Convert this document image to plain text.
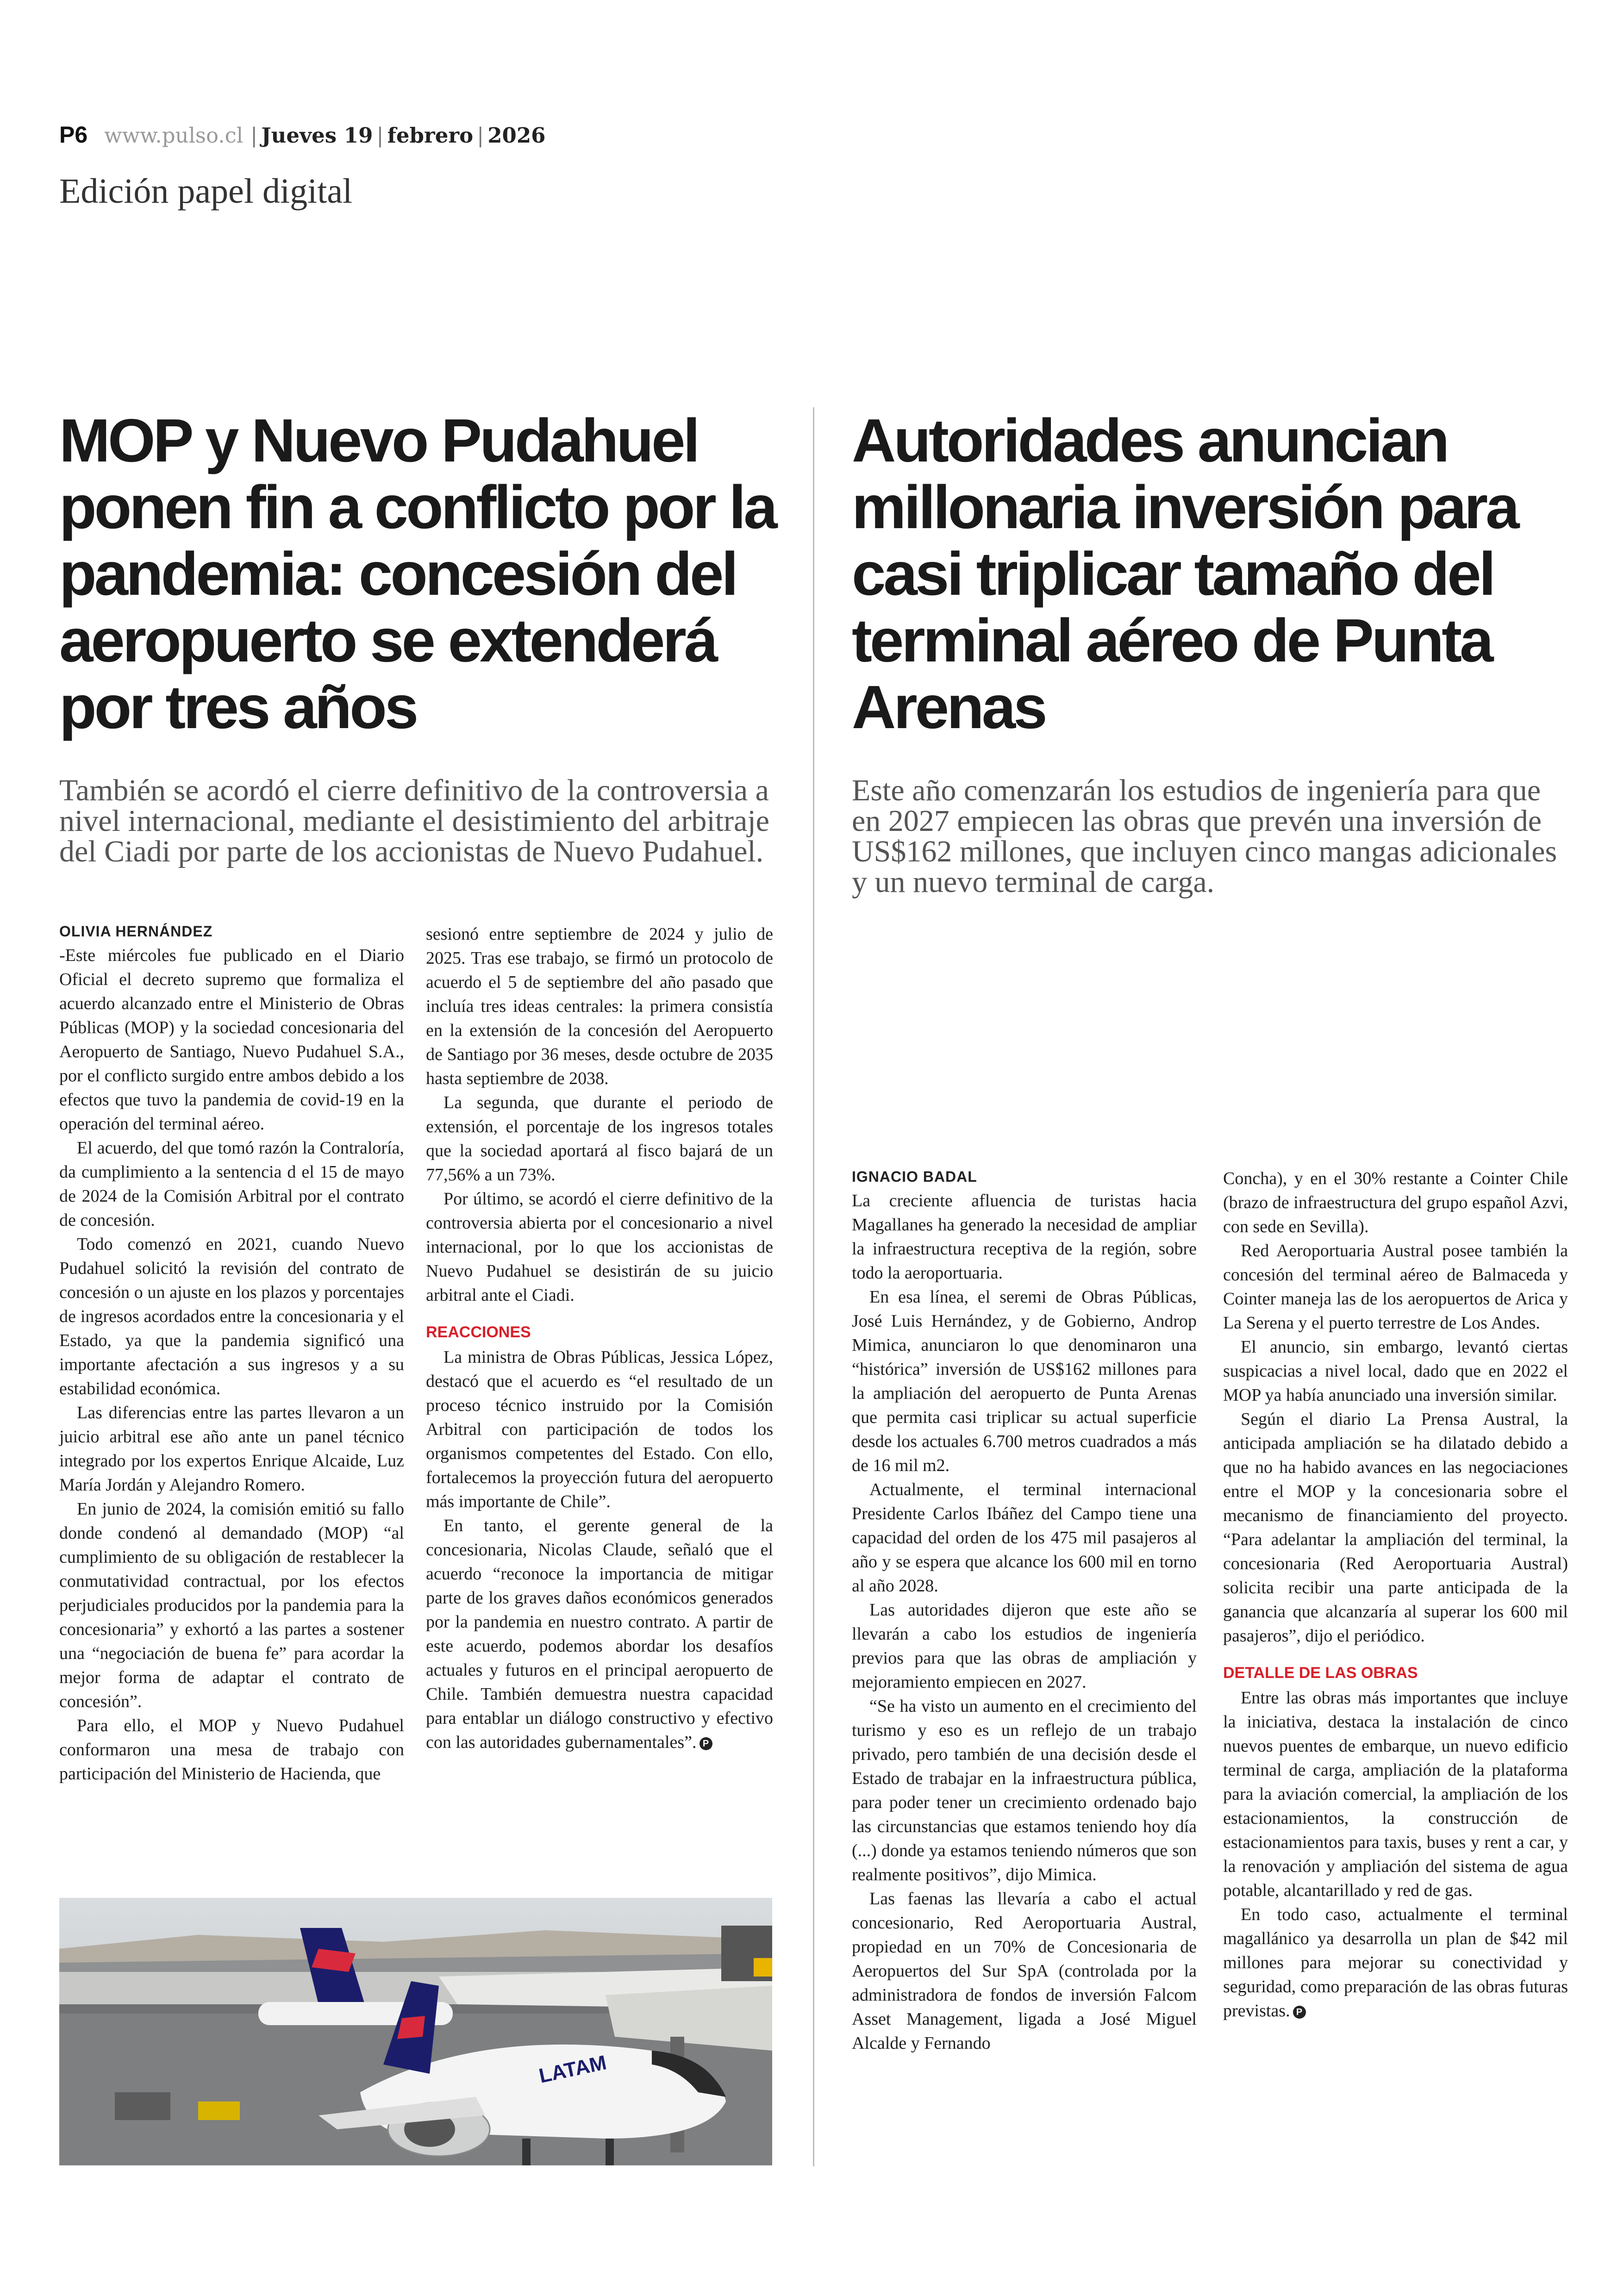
P6 www.pulso.cl | Jueves 19 | febrero | 2026
Edición papel digital
MOP y Nuevo Pudahuel ponen fin a conflicto por la pandemia: concesión del aeropuerto se extenderá por tres años

También se acordó el cierre definitivo de la controversia a nivel internacional, mediante el desistimiento del arbitraje del Ciadi por parte de los accionistas de Nuevo Pudahuel.

OLIVIA HERNÁNDEZ

-Este miércoles fue publicado en el Diario Oficial el decreto supremo que formaliza el acuerdo alcanzado entre el Ministerio de Obras Públicas (MOP) y la sociedad concesionaria del Aeropuerto de Santiago, Nuevo Pudahuel S.A., por el conflicto surgido entre ambos debido a los efectos que tuvo la pandemia de covid-19 en la operación del terminal aéreo.

El acuerdo, del que tomó razón la Contraloría, da cumplimiento a la sentencia d el 15 de mayo de 2024 de la Comisión Arbitral por el contrato de concesión.

Todo comenzó en 2021, cuando Nuevo Pudahuel solicitó la revisión del contrato de concesión o un ajuste en los plazos y porcentajes de ingresos acordados entre la concesionaria y el Estado, ya que la pandemia significó una importante afectación a sus ingresos y a su estabilidad económica.

Las diferencias entre las partes llevaron a un juicio arbitral ese año ante un panel técnico integrado por los expertos Enrique Alcaide, Luz María Jordán y Alejandro Romero.

En junio de 2024, la comisión emitió su fallo donde condenó al demandado (MOP) “al cumplimiento de su obligación de restablecer la conmutatividad contractual, por los efectos perjudiciales producidos por la pandemia para la concesionaria” y exhortó a las partes a sostener una “negociación de buena fe” para acordar la mejor forma de adaptar el contrato de concesión”.

Para ello, el MOP y Nuevo Pudahuel conformaron una mesa de trabajo con participación del Ministerio de Hacienda, que

sesionó entre septiembre de 2024 y julio de 2025. Tras ese trabajo, se firmó un protocolo de acuerdo el 5 de septiembre del año pasado que incluía tres ideas centrales: la primera consistía en la extensión de la concesión del Aeropuerto de Santiago por 36 meses, desde octubre de 2035 hasta septiembre de 2038.

La segunda, que durante el periodo de extensión, el porcentaje de los ingresos totales que la sociedad aportará al fisco bajará de un 77,56% a un 73%.

Por último, se acordó el cierre definitivo de la controversia abierta por el concesionario a nivel internacional, por lo que los accionistas de Nuevo Pudahuel se desistirán de su juicio arbitral ante el Ciadi.

REACCIONES

La ministra de Obras Públicas, Jessica López, destacó que el acuerdo es “el resultado de un proceso técnico instruido por la Comisión Arbitral con participación de todos los organismos competentes del Estado. Con ello, fortalecemos la proyección futura del aeropuerto más importante de Chile”.

En tanto, el gerente general de la concesionaria, Nicolas Claude, señaló que el acuerdo “reconoce la importancia de mitigar parte de los graves daños económicos generados por la pandemia en nuestro contrato. A partir de este acuerdo, podemos abordar los desafíos actuales y futuros en el principal aeropuerto de Chile. También demuestra nuestra capacidad para entablar un diálogo constructivo y efectivo con las autoridades gubernamentales”. P

LATAM
Autoridades anuncian millonaria inversión para casi triplicar tamaño del terminal aéreo de Punta Arenas

Este año comenzarán los estudios de ingeniería para que en 2027 empiecen las obras que prevén una inversión de US$162 millones, que incluyen cinco mangas adicionales y un nuevo terminal de carga.

IGNACIO BADAL

La creciente afluencia de turistas hacia Magallanes ha generado la necesidad de ampliar la infraestructura receptiva de la región, sobre todo la aeroportuaria.

En esa línea, el seremi de Obras Públicas, José Luis Hernández, y de Gobierno, Androp Mimica, anunciaron lo que denominaron una “histórica” inversión de US$162 millones para la ampliación del aeropuerto de Punta Arenas que permita casi triplicar su actual superficie desde los actuales 6.700 metros cuadrados a más de 16 mil m2.

Actualmente, el terminal internacional Presidente Carlos Ibáñez del Campo tiene una capacidad del orden de los 475 mil pasajeros al año y se espera que alcance los 600 mil en torno al año 2028.

Las autoridades dijeron que este año se llevarán a cabo los estudios de ingeniería previos para que las obras de ampliación y mejoramiento empiecen en 2027.

“Se ha visto un aumento en el crecimiento del turismo y eso es un reflejo de un trabajo privado, pero también de una decisión desde el Estado de trabajar en la infraestructura pública, para poder tener un crecimiento ordenado bajo las circunstancias que estamos teniendo hoy día (...) donde ya estamos teniendo números que son realmente positivos”, dijo Mimica.

Las faenas las llevaría a cabo el actual concesionario, Red Aeroportuaria Austral, propiedad en un 70% de Concesionaria de Aeropuertos del Sur SpA (controlada por la administradora de fondos de inversión Falcom Asset Management, ligada a José Miguel Alcalde y Fernando

Concha), y en el 30% restante a Cointer Chile (brazo de infraestructura del grupo español Azvi, con sede en Sevilla).

Red Aeroportuaria Austral posee también la concesión del terminal aéreo de Balmaceda y Cointer maneja las de los aeropuertos de Arica y La Serena y el puerto terrestre de Los Andes.

El anuncio, sin embargo, levantó ciertas suspicacias a nivel local, dado que en 2022 el MOP ya había anunciado una inversión similar.

Según el diario La Prensa Austral, la anticipada ampliación se ha dilatado debido a que no ha habido avances en las negociaciones entre el MOP y la concesionaria sobre el mecanismo de financiamiento del proyecto. “Para adelantar la ampliación del terminal, la concesionaria (Red Aeroportuaria Austral) solicita recibir una parte anticipada de la ganancia que alcanzaría al superar los 600 mil pasajeros”, dijo el periódico.

DETALLE DE LAS OBRAS

Entre las obras más importantes que incluye la iniciativa, destaca la instalación de cinco nuevos puentes de embarque, un nuevo edificio terminal de carga, ampliación de la plataforma para la aviación comercial, la ampliación de los estacionamientos, la construcción de estacionamientos para taxis, buses y rent a car, y la renovación y ampliación del sistema de agua potable, alcantarillado y red de gas.

En todo caso, actualmente el terminal magallánico ya desarrolla un plan de $42 mil millones para mejorar su conectividad y seguridad, como preparación de las obras futuras previstas. P
